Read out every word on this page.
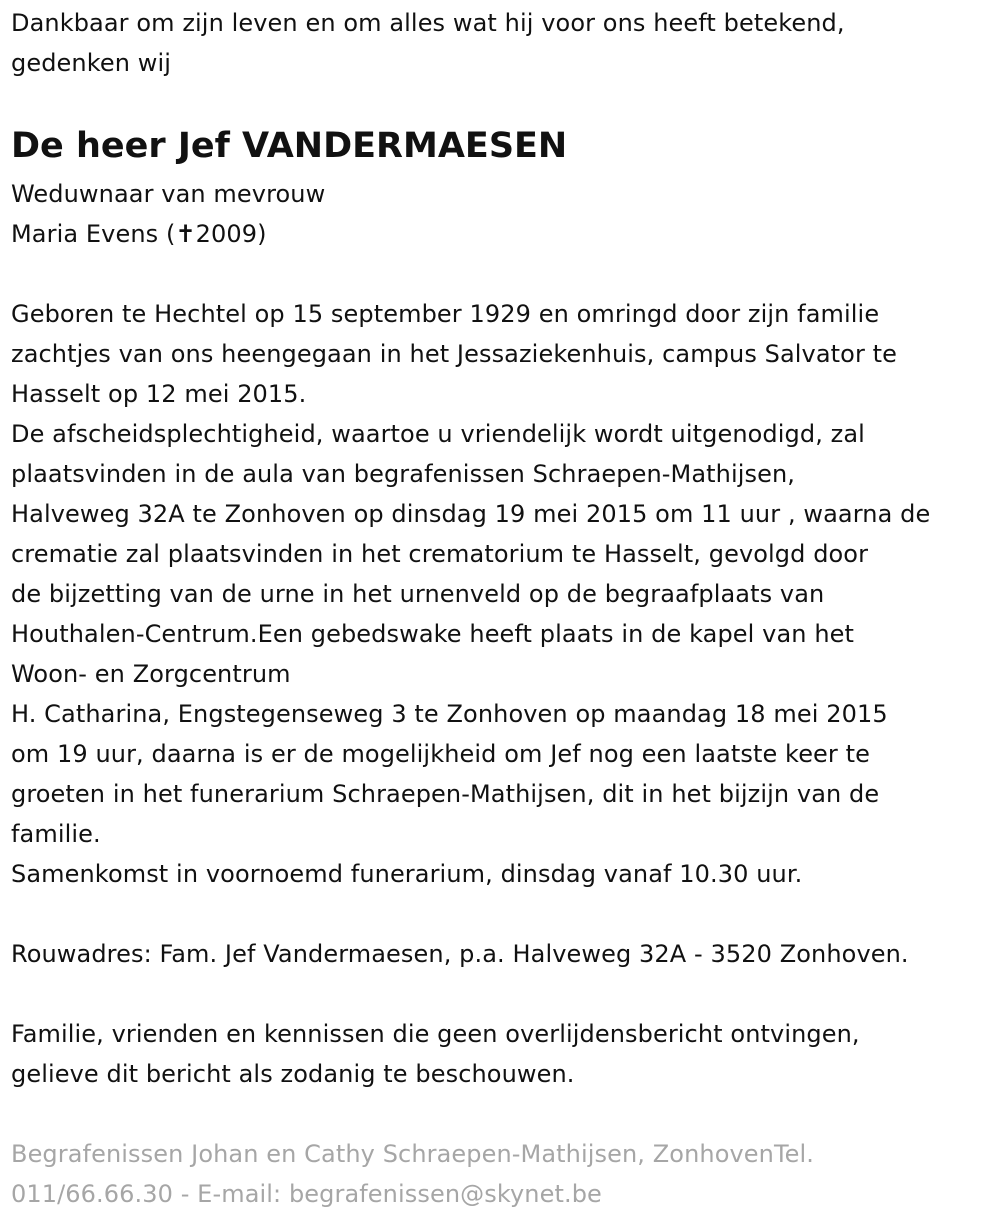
Dankbaar om zijn leven en om alles wat hij voor ons heeft betekend,
gedenken wij
De heer Jef VANDERMAESEN
Weduwnaar van mevrouw
Maria Evens (✝2009)
Geboren te Hechtel op 15 september 1929 en omringd door zijn familie
zachtjes van ons heengegaan in het Jessaziekenhuis, campus Salvator te
Hasselt op 12 mei 2015.
De afscheidsplechtigheid, waartoe u vriendelijk wordt uitgenodigd, zal
plaatsvinden in de aula van begrafenissen Schraepen-Mathijsen,
Halveweg 32A te Zonhoven op dinsdag 19 mei 2015 om 11 uur , waarna de
crematie zal plaatsvinden in het crematorium te Hasselt, gevolgd door
de bijzetting van de urne in het urnenveld op de begraafplaats van
Houthalen-Centrum.Een gebedswake heeft plaats in de kapel van het
Woon- en Zorgcentrum
H. Catharina, Engstegenseweg 3 te Zonhoven op maandag 18 mei 2015
om 19 uur, daarna is er de mogelijkheid om Jef nog een laatste keer te
groeten in het funerarium Schraepen-Mathijsen, dit in het bijzijn van de
familie.
Samenkomst in voornoemd funerarium, dinsdag vanaf 10.30 uur.
Rouwadres: Fam. Jef Vandermaesen, p.a. Halveweg 32A - 3520 Zonhoven.
Familie, vrienden en kennissen die geen overlijdensbericht ontvingen,
gelieve dit bericht als zodanig te beschouwen.
Begrafenissen Johan en Cathy Schraepen-Mathijsen, ZonhovenTel.
011/66.66.30 - E-mail: begrafenissen@skynet.be
